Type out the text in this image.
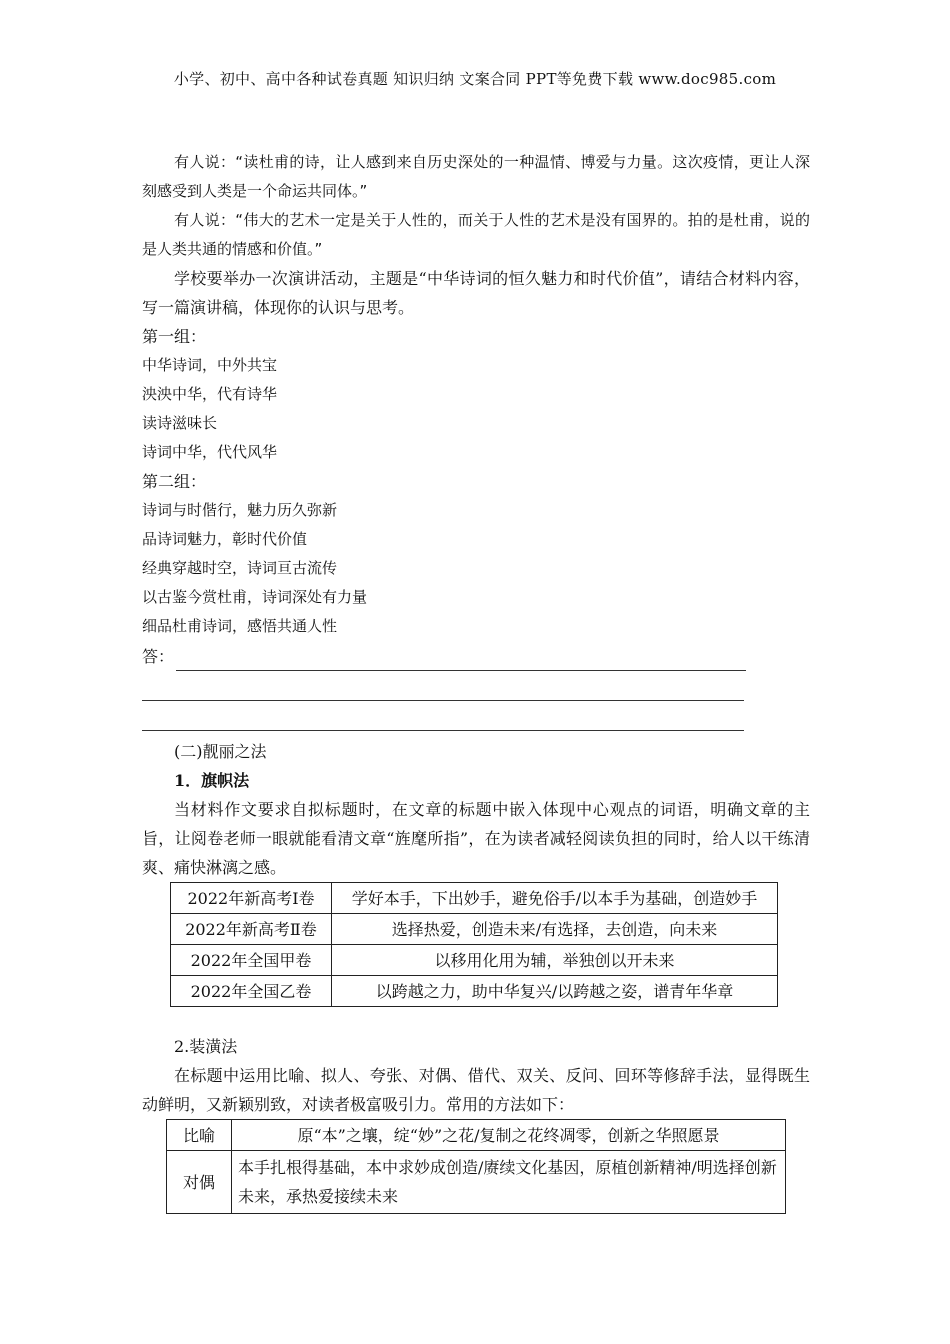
小学、初中、高中各种试卷真题 知识归纳 文案合同 PPT等免费下载 www.doc985.com

有人说：“读杜甫的诗，让人感到来自历史深处的一种温情、博爱与力量。这次疫情，更让人深刻感受到人类是一个命运共同体。”

有人说：“伟大的艺术一定是关于人性的，而关于人性的艺术是没有国界的。拍的是杜甫，说的是人类共通的情感和价值。”

学校要举办一次演讲活动，主题是“中华诗词的恒久魅力和时代价值”，请结合材料内容，写一篇演讲稿，体现你的认识与思考。

第一组：

中华诗词，中外共宝

泱泱中华，代有诗华

读诗滋味长

诗词中华，代代风华

第二组：

诗词与时偕行，魅力历久弥新

品诗词魅力，彰时代价值

经典穿越时空，诗词亘古流传

以古鉴今赏杜甫，诗词深处有力量

细品杜甫诗词，感悟共通人性

答：

(二)靓丽之法

1．旗帜法

当材料作文要求自拟标题时，在文章的标题中嵌入体现中心观点的词语，明确文章的主旨，让阅卷老师一眼就能看清文章“旌麾所指”，在为读者减轻阅读负担的同时，给人以干练清爽、痛快淋漓之感。

2022年新高考Ⅰ卷	学好本手，下出妙手，避免俗手/以本手为基础，创造妙手
2022年新高考Ⅱ卷	选择热爱，创造未来/有选择，去创造，向未来
2022年全国甲卷	以移用化用为辅，举独创以开未来
2022年全国乙卷	以跨越之力，助中华复兴/以跨越之姿，谱青年华章

2.装潢法

在标题中运用比喻、拟人、夸张、对偶、借代、双关、反问、回环等修辞手法，显得既生动鲜明，又新颖别致，对读者极富吸引力。常用的方法如下：

比喻	原“本”之壤，绽“妙”之花/复制之花终凋零，创新之华照愿景
对偶	本手扎根得基础，本中求妙成创造/赓续文化基因，原植创新精神/明选择创新未来，承热爱接续未来
